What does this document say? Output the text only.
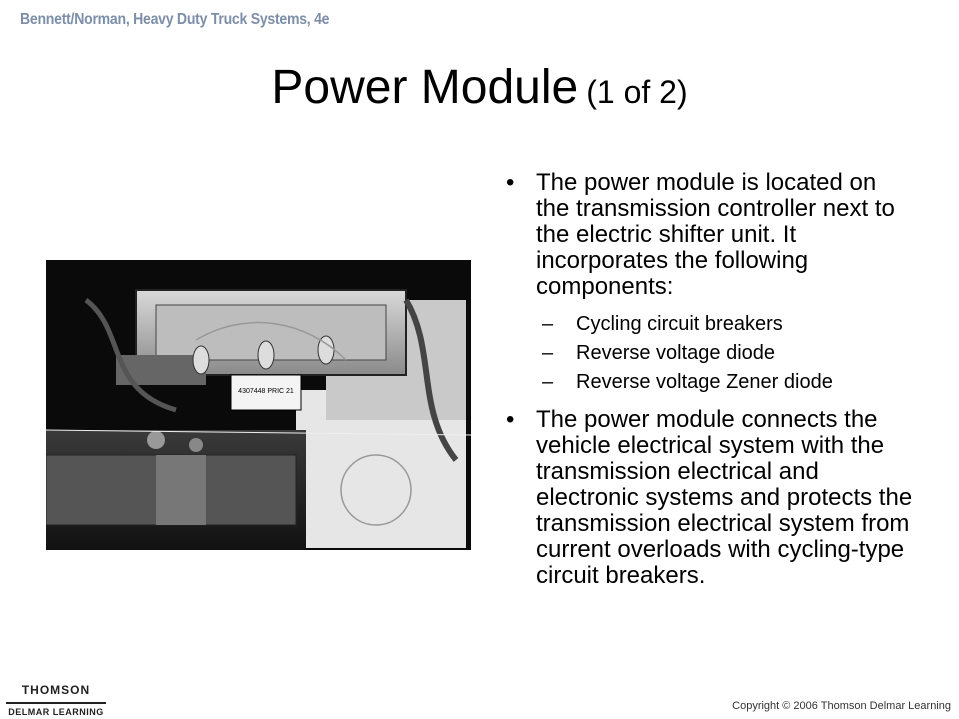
Bennett/Norman, Heavy Duty Truck Systems, 4e
Power Module (1 of 2)
4307448 PRIC 21
• The power module is located on the transmission controller next to the electric shifter unit. It incorporates the following components:
– Cycling circuit breakers
– Reverse voltage diode
– Reverse voltage Zener diode
• The power module connects the vehicle electrical system with the transmission electrical and electronic systems and protects the transmission electrical system from current overloads with cycling-type circuit breakers.
THOMSON
DELMAR LEARNING	Copyright © 2006 Thomson Delmar Learning
